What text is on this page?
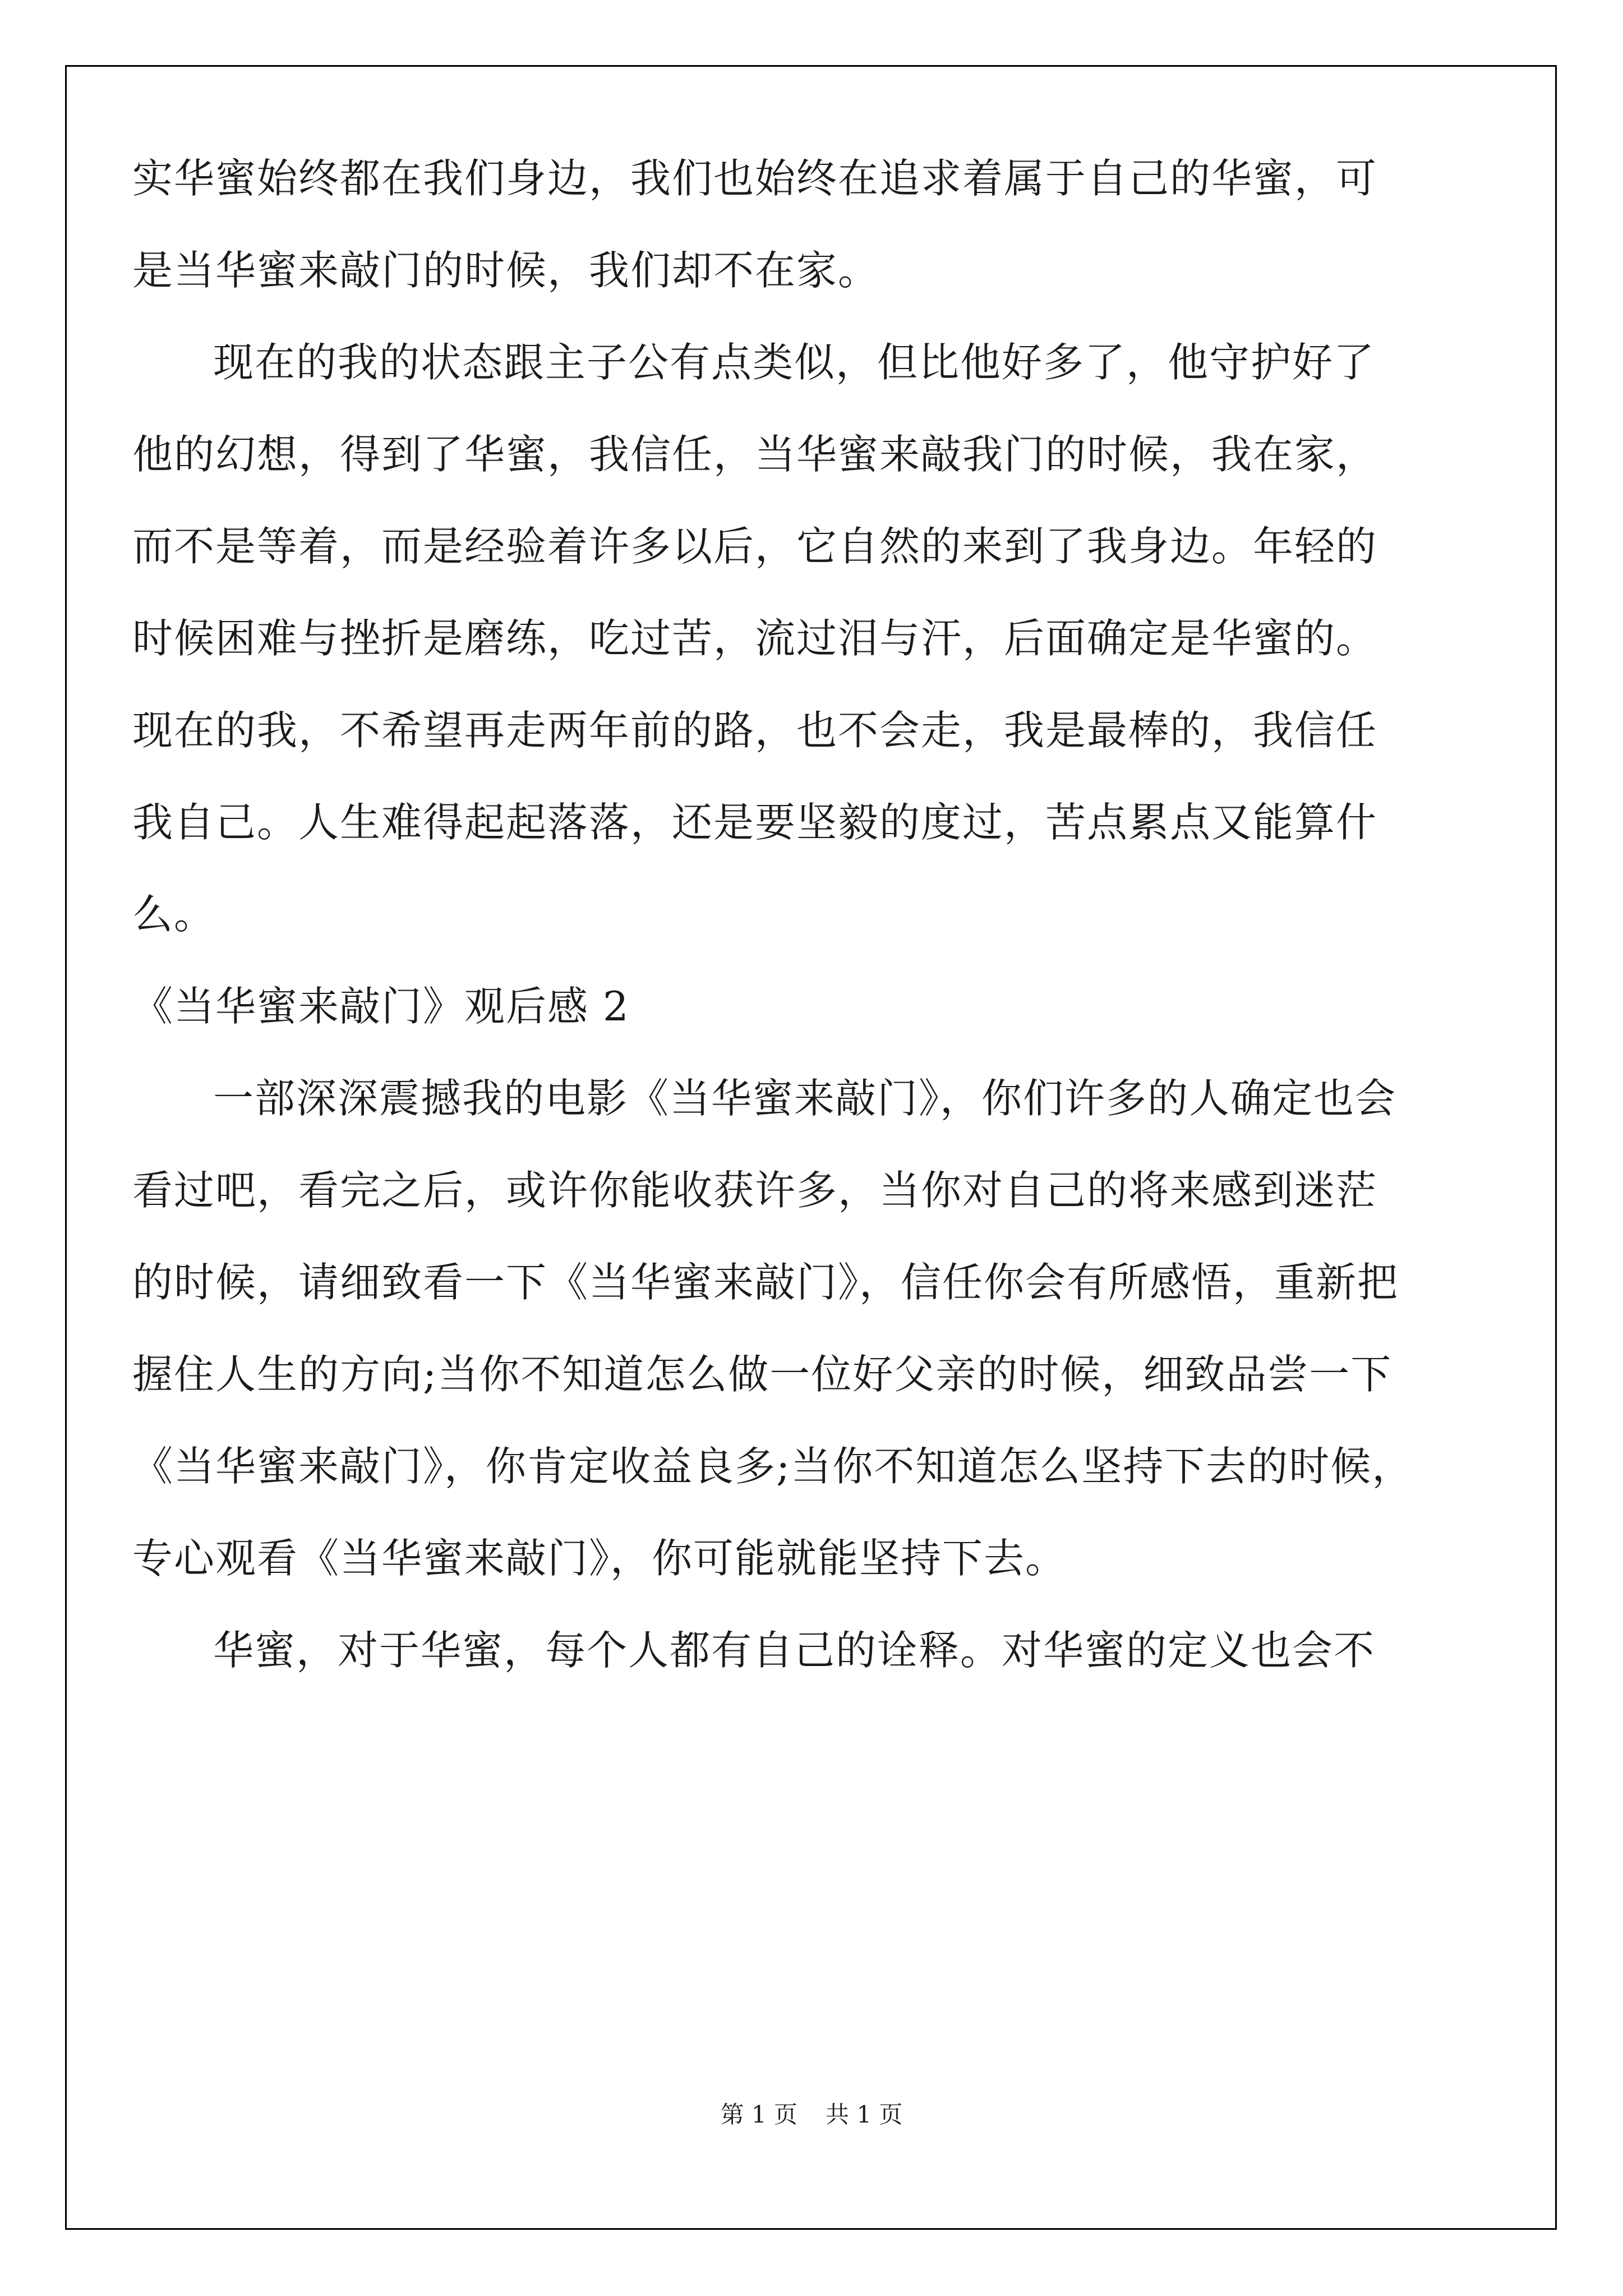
实华蜜始终都在我们身边，我们也始终在追求着属于自己的华蜜，可
是当华蜜来敲门的时候，我们却不在家。
现在的我的状态跟主子公有点类似，但比他好多了，他守护好了
他的幻想，得到了华蜜，我信任，当华蜜来敲我门的时候，我在家，
而不是等着，而是经验着许多以后，它自然的来到了我身边。年轻的
时候困难与挫折是磨练，吃过苦，流过泪与汗，后面确定是华蜜的。
现在的我，不希望再走两年前的路，也不会走，我是最棒的，我信任
我自己。人生难得起起落落，还是要坚毅的度过，苦点累点又能算什
么。
《当华蜜来敲门》观后感 2
一部深深震撼我的电影《当华蜜来敲门》，你们许多的人确定也会
看过吧，看完之后，或许你能收获许多，当你对自己的将来感到迷茫
的时候，请细致看一下《当华蜜来敲门》，信任你会有所感悟，重新把
握住人生的方向;当你不知道怎么做一位好父亲的时候，细致品尝一下
《当华蜜来敲门》，你肯定收益良多;当你不知道怎么坚持下去的时候，
专心观看《当华蜜来敲门》，你可能就能坚持下去。
华蜜，对于华蜜，每个人都有自己的诠释。对华蜜的定义也会不
第 1 页 共 1 页
